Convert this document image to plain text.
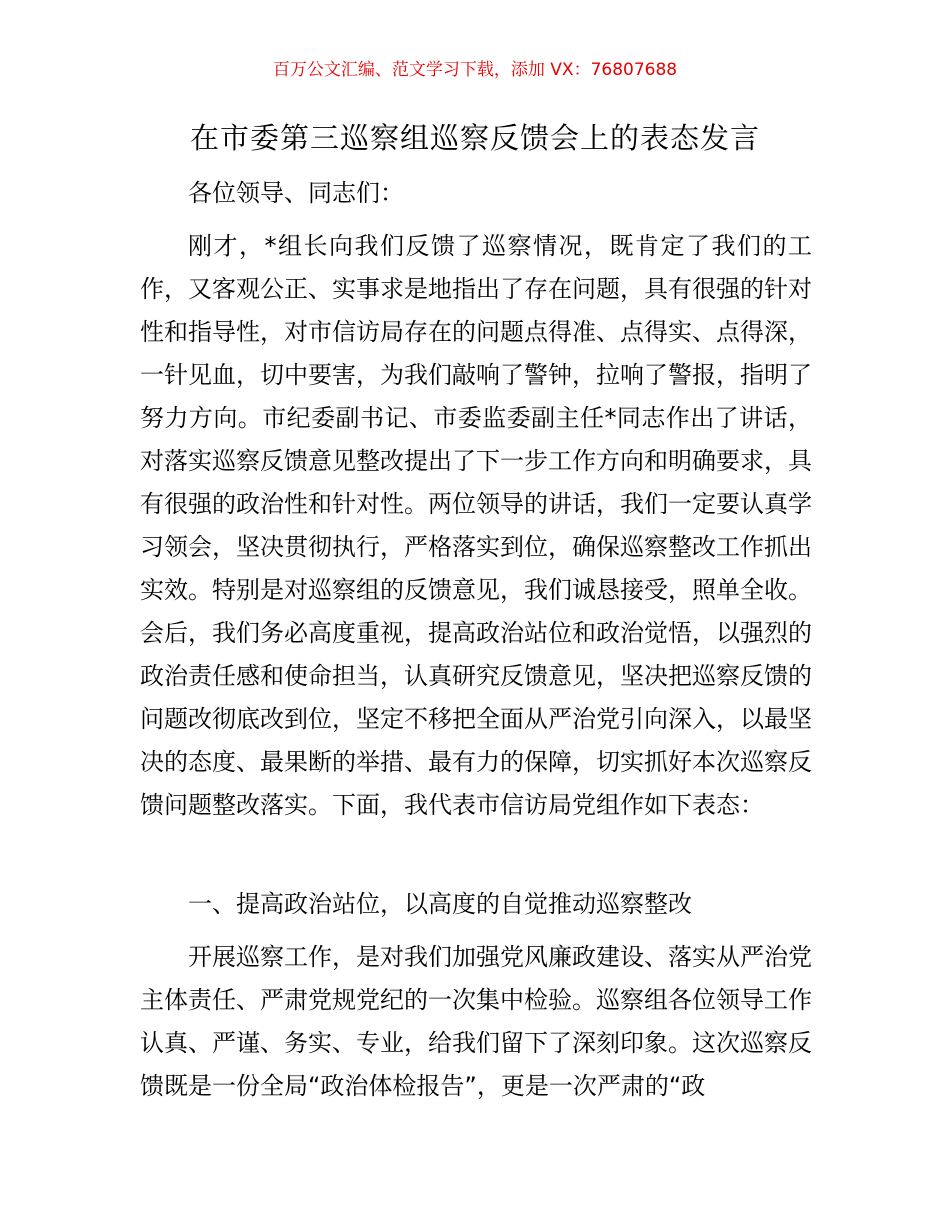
百万公文汇编、范文学习下载，添加 VX：76807688
在市委第三巡察组巡察反馈会上的表态发言

各位领导、同志们：

刚才，*组长向我们反馈了巡察情况，既肯定了我们的工作，又客观公正、实事求是地指出了存在问题，具有很强的针对性和指导性，对市信访局存在的问题点得准、点得实、点得深，一针见血，切中要害，为我们敲响了警钟，拉响了警报，指明了努力方向。市纪委副书记、市委监委副主任*同志作出了讲话，对落实巡察反馈意见整改提出了下一步工作方向和明确要求，具有很强的政治性和针对性。两位领导的讲话，我们一定要认真学习领会，坚决贯彻执行，严格落实到位，确保巡察整改工作抓出实效。特别是对巡察组的反馈意见，我们诚恳接受，照单全收。会后，我们务必高度重视，提高政治站位和政治觉悟，以强烈的政治责任感和使命担当，认真研究反馈意见，坚决把巡察反馈的问题改彻底改到位，坚定不移把全面从严治党引向深入，以最坚决的态度、最果断的举措、最有力的保障，切实抓好本次巡察反馈问题整改落实。下面，我代表市信访局党组作如下表态：

一、提高政治站位，以高度的自觉推动巡察整改

开展巡察工作，是对我们加强党风廉政建设、落实从严治党主体责任、严肃党规党纪的一次集中检验。巡察组各位领导工作认真、严谨、务实、专业，给我们留下了深刻印象。这次巡察反馈既是一份全局“政治体检报告”，更是一次严肃的“政
